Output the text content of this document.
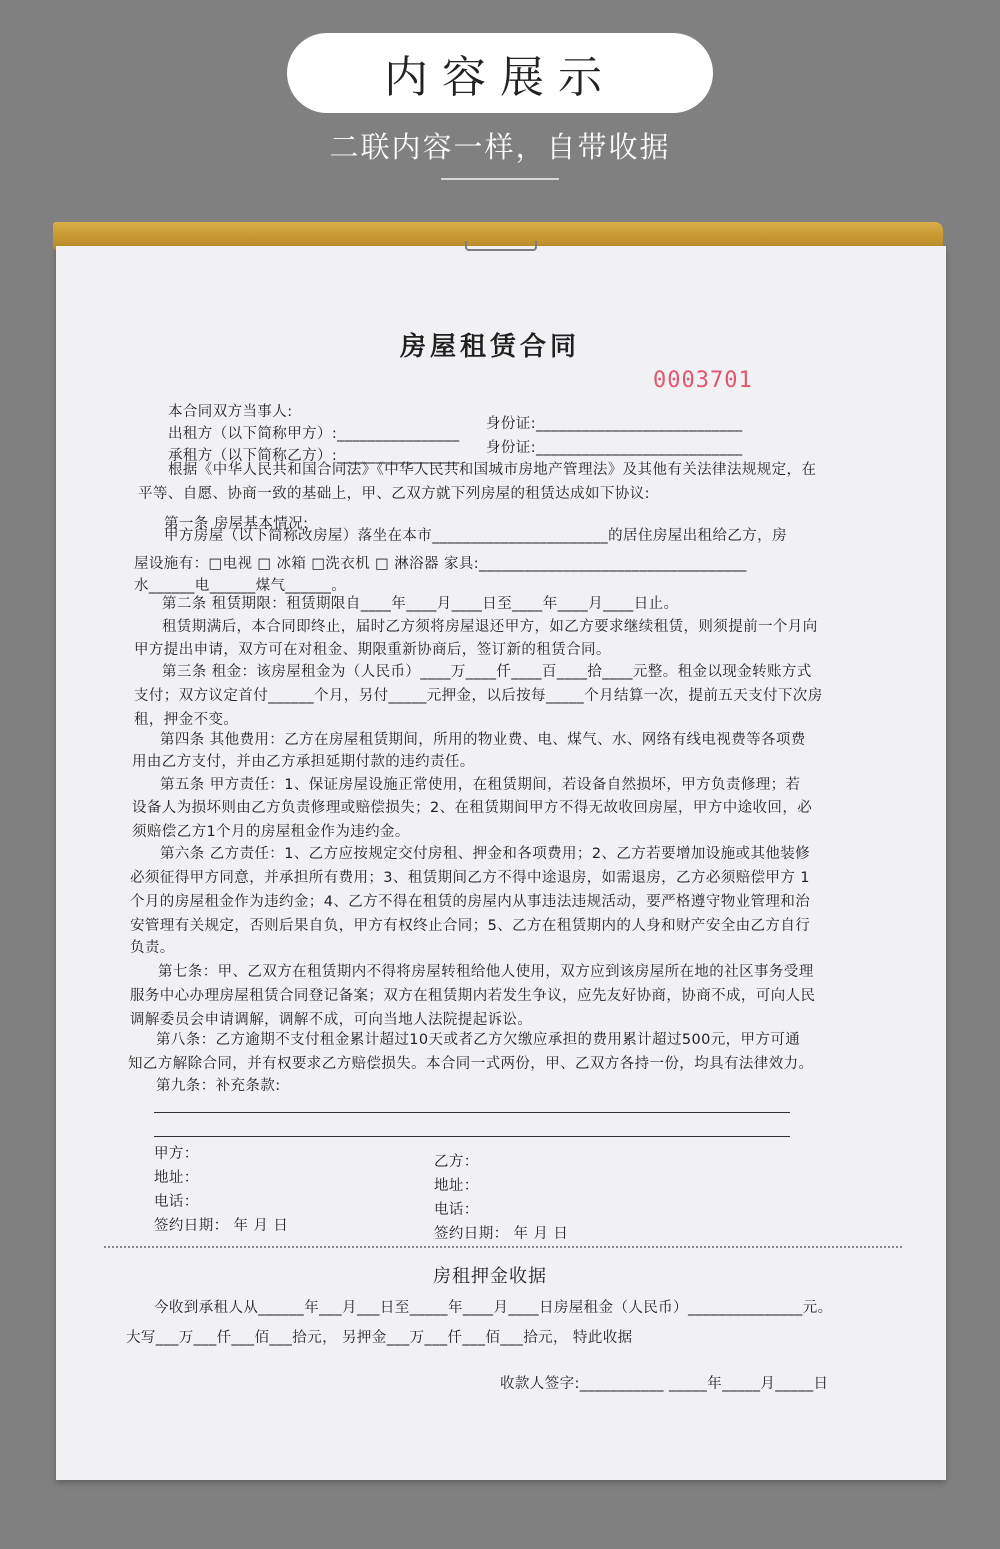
内容展示
二联内容一样，自带收据
房屋租赁合同
0003701
本合同双方当事人:
出租方（以下简称甲方）:________________
身份证:___________________________
承租方（以下简称乙方）:________________ 身份证:___________________________
根据《中华人民共和国合同法》《中华人民共和国城市房地产管理法》及其他有关法律法规规定，在
平等、自愿、协商一致的基础上，甲、乙双方就下列房屋的租赁达成如下协议:
第一条 房屋基本情况:
甲方房屋（以下简称改房屋）落坐在本市_______________________的居住房屋出租给乙方，房
屋设施有：□电视 □ 冰箱 □洗衣机 □ 淋浴器 家具:___________________________________
水______电______煤气______。
第二条 租赁期限：租赁期限自____年____月____日至____年____月____日止。
租赁期满后，本合同即终止，届时乙方须将房屋退还甲方，如乙方要求继续租赁，则须提前一个月向
甲方提出申请，双方可在对租金、期限重新协商后，签订新的租赁合同。
第三条 租金：该房屋租金为（人民币）____万____仟____百____拾____元整。租金以现金转账方式
支付；双方议定首付______个月，另付_____元押金，以后按每_____个月结算一次，提前五天支付下次房
租，押金不变。
第四条 其他费用：乙方在房屋租赁期间，所用的物业费、电、煤气、水、网络有线电视费等各项费
用由乙方支付，并由乙方承担延期付款的违约责任。
第五条 甲方责任：1、保证房屋设施正常使用，在租赁期间，若设备自然损坏，甲方负责修理；若
设备人为损坏则由乙方负责修理或赔偿损失；2、在租赁期间甲方不得无故收回房屋，甲方中途收回，必
须赔偿乙方1个月的房屋租金作为违约金。
第六条 乙方责任：1、乙方应按规定交付房租、押金和各项费用；2、乙方若要增加设施或其他装修
必须征得甲方同意，并承担所有费用；3、租赁期间乙方不得中途退房，如需退房，乙方必须赔偿甲方 1
个月的房屋租金作为违约金；4、乙方不得在租赁的房屋内从事违法违规活动，要严格遵守物业管理和治
安管理有关规定，否则后果自负，甲方有权终止合同；5、乙方在租赁期内的人身和财产安全由乙方自行
负责。
第七条：甲、乙双方在租赁期内不得将房屋转租给他人使用，双方应到该房屋所在地的社区事务受理
服务中心办理房屋租赁合同登记备案；双方在租赁期内若发生争议，应先友好协商，协商不成，可向人民
调解委员会申请调解，调解不成，可向当地人法院提起诉讼。
第八条：乙方逾期不支付租金累计超过10天或者乙方欠缴应承担的费用累计超过500元，甲方可通
知乙方解除合同，并有权要求乙方赔偿损失。本合同一式两份，甲、乙双方各持一份，均具有法律效力。
第九条：补充条款:
甲方：
地址：
电话：
签约日期： 年 月 日
乙方：
地址：
电话：
签约日期： 年 月 日
房租押金收据
今收到承租人从______年___月___日至_____年____月____日房屋租金（人民币）_______________元。
大写___万___仟___佰___拾元， 另押金___万___仟___佰___拾元， 特此收据
收款人签字:___________ _____年_____月_____日
